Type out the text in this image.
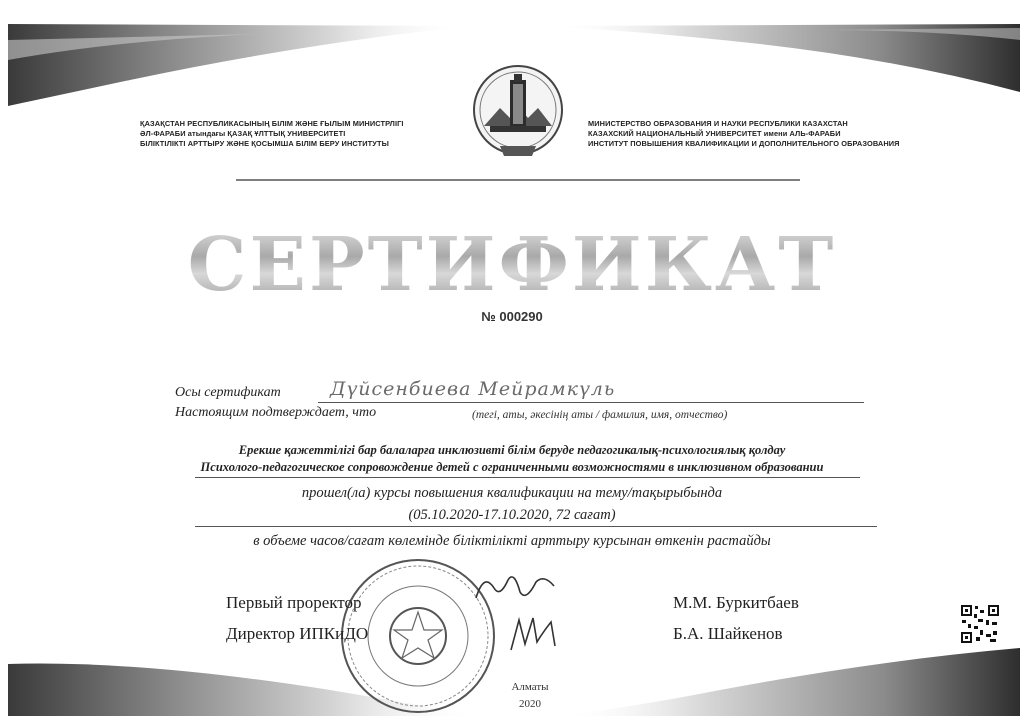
ҚАЗАҚСТАН РЕСПУБЛИКАСЫНЫҢ БІЛІМ ЖӘНЕ ҒЫЛЫМ МИНИСТРЛІГІ
ӘЛ-ФАРАБИ атындағы ҚАЗАҚ ҰЛТТЫҚ УНИВЕРСИТЕТІ
БІЛІКТІЛІКТІ АРТТЫРУ ЖӘНЕ ҚОСЫМША БІЛІМ БЕРУ ИНСТИТУТЫ
МИНИСТЕРСТВО ОБРАЗОВАНИЯ И НАУКИ РЕСПУБЛИКИ КАЗАХСТАН
КАЗАХСКИЙ НАЦИОНАЛЬНЫЙ УНИВЕРСИТЕТ имени АЛЬ-ФАРАБИ
ИНСТИТУТ ПОВЫШЕНИЯ КВАЛИФИКАЦИИ И ДОПОЛНИТЕЛЬНОГО ОБРАЗОВАНИЯ
СЕРТИФИКАТ
№ 000290
Осы сертификат	Дүйсенбиева Мейрамкүль
Настоящим подтверждает, что	(тегі, аты, әкесінің аты / фамилия, имя, отчество)
Ерекше қажеттілігі бар балаларға инклюзивті білім беруде педагогикалық-психологиялық қолдау
Психолого-педагогическое сопровождение детей с ограниченными возможностями в инклюзивном образовании
прошел(ла) курсы повышения квалификации на тему/тақырыбында
(05.10.2020-17.10.2020, 72 сағат)
в объеме часов/сағат көлемінде біліктілікті арттыру курсынан өткенін растайды
Первый проректор	М.М. Буркитбаев
Директор ИПКиДО	Б.А. Шайкенов
Алматы
2020
